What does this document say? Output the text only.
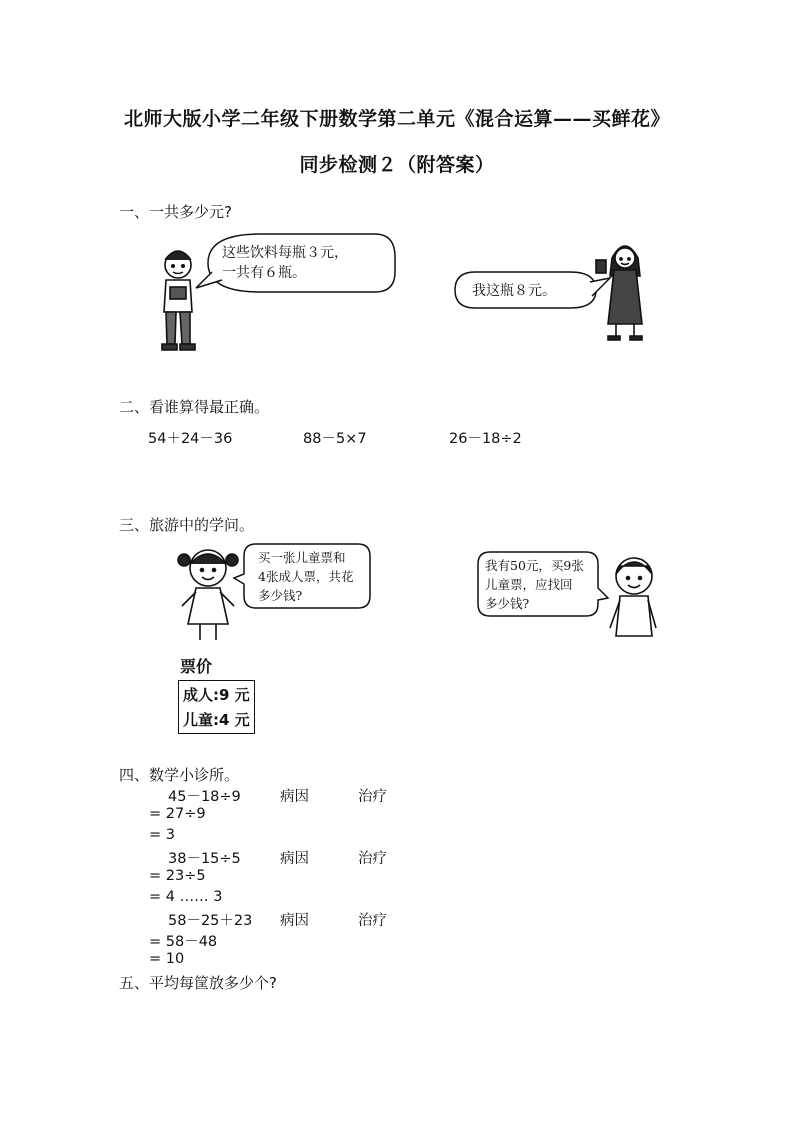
北师大版小学二年级下册数学第二单元《混合运算——买鲜花》
同步检测２（附答案）
一、一共多少元?
这些饮料每瓶３元，
一共有６瓶。
我这瓶８元。
二、看谁算得最正确。
54＋24－36	88－5×7	26－18÷2
三、旅游中的学问。
买一张儿童票和
4张成人票，共花
多少钱?
我有50元，买9张
儿童票，应找回
多少钱?
票价
成人:9 元
儿童:4 元
四、数学小诊所。
45－18÷9	病因	治疗
= 27÷9
= 3
38－15÷5	病因	治疗
= 23÷5
= 4 …… 3
58－25＋23 病因	治疗
= 58－48
= 10
五、平均每筐放多少个?
